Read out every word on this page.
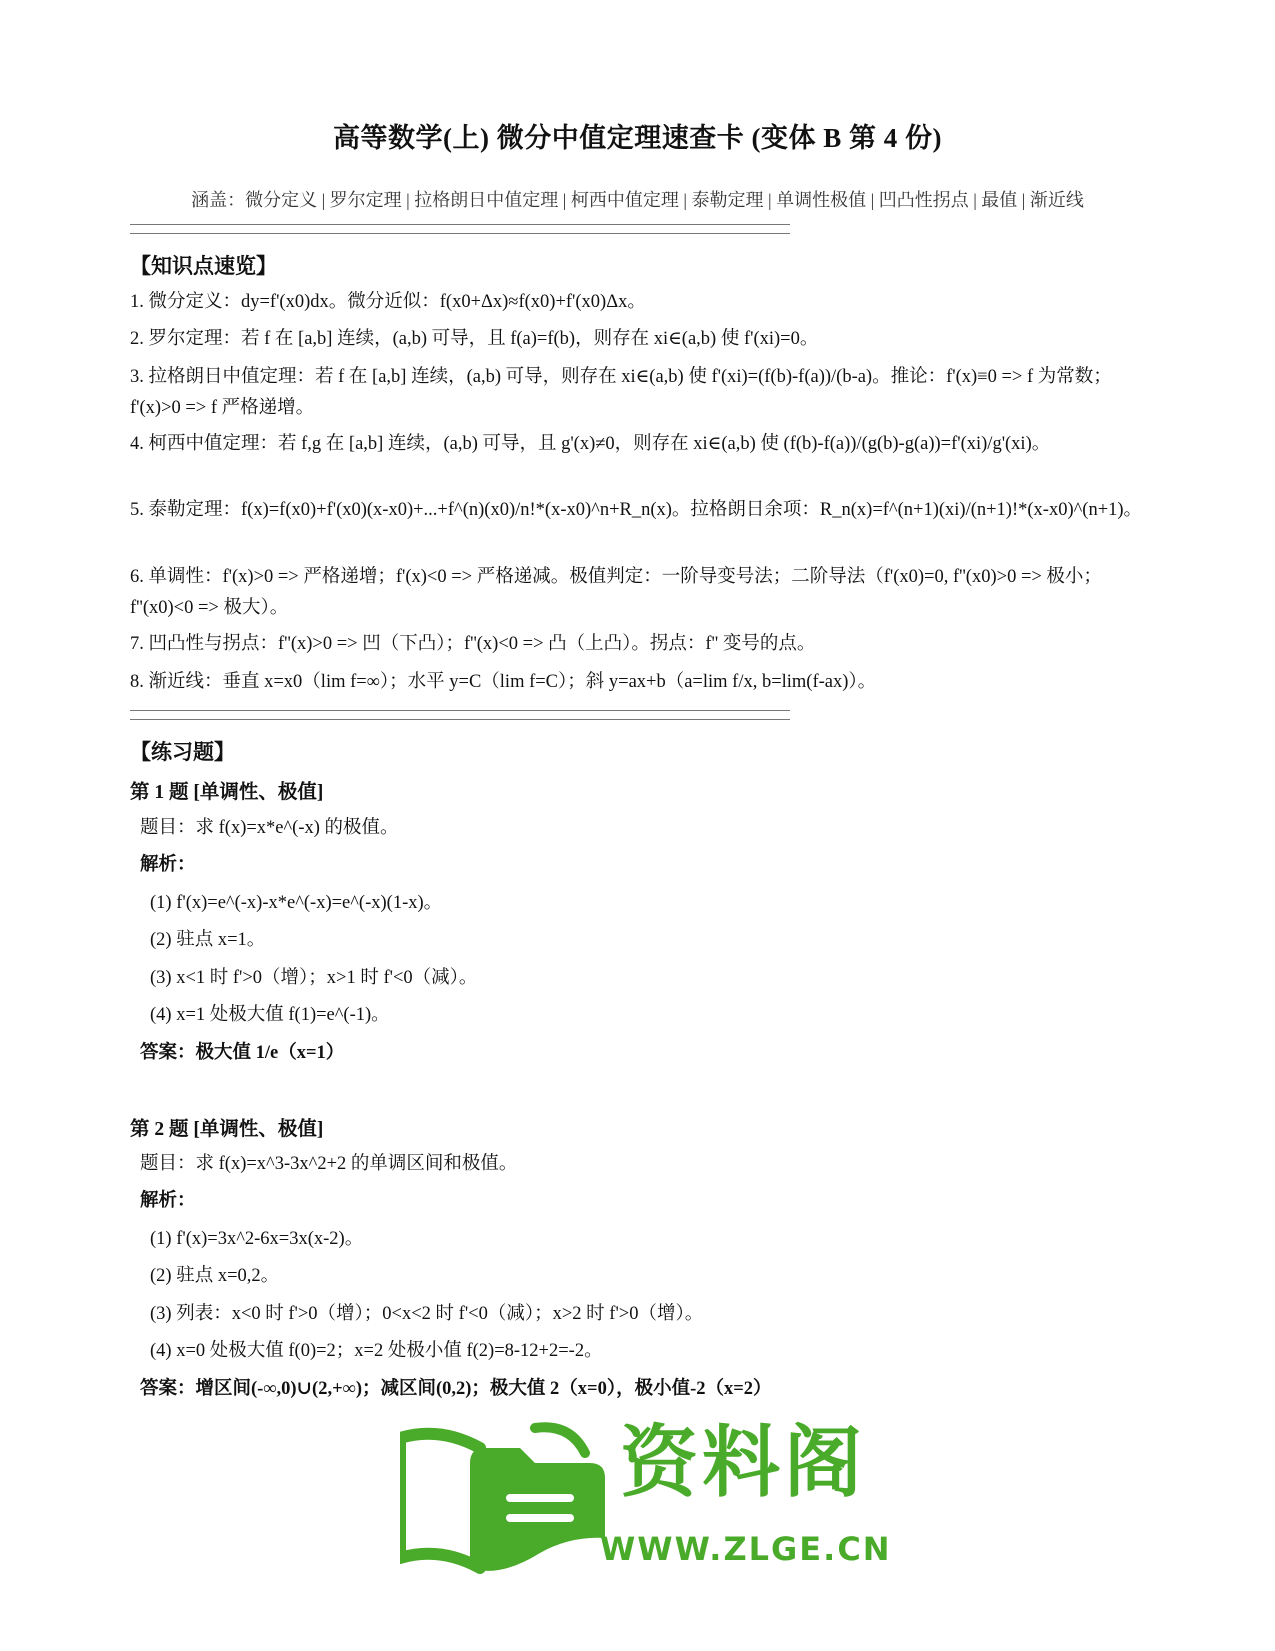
高等数学(上) 微分中值定理速查卡 (变体 B 第 4 份)
涵盖：微分定义 | 罗尔定理 | 拉格朗日中值定理 | 柯西中值定理 | 泰勒定理 | 单调性极值 | 凹凸性拐点 | 最值 | 渐近线
【知识点速览】
1. 微分定义：dy=f'(x0)dx。微分近似：f(x0+Δx)≈f(x0)+f'(x0)Δx。
2. 罗尔定理：若 f 在 [a,b] 连续，(a,b) 可导，且 f(a)=f(b)，则存在 xi∈(a,b) 使 f'(xi)=0。
3. 拉格朗日中值定理：若 f 在 [a,b] 连续，(a,b) 可导，则存在 xi∈(a,b) 使 f'(xi)=(f(b)-f(a))/(b-a)。推论：f'(x)≡0 => f 为常数；f'(x)>0 => f 严格递增。
4. 柯西中值定理：若 f,g 在 [a,b] 连续，(a,b) 可导，且 g'(x)≠0，则存在 xi∈(a,b) 使 (f(b)-f(a))/(g(b)-g(a))=f'(xi)/g'(xi)。
5. 泰勒定理：f(x)=f(x0)+f'(x0)(x-x0)+...+f^(n)(x0)/n!*(x-x0)^n+R_n(x)。拉格朗日余项：R_n(x)=f^(n+1)(xi)/(n+1)!*(x-x0)^(n+1)。
6. 单调性：f'(x)>0 => 严格递增；f'(x)<0 => 严格递减。极值判定：一阶导变号法；二阶导法（f'(x0)=0, f''(x0)>0 => 极小；f''(x0)<0 => 极大）。
7. 凹凸性与拐点：f''(x)>0 => 凹（下凸）；f''(x)<0 => 凸（上凸）。拐点：f'' 变号的点。
8. 渐近线：垂直 x=x0（lim f=∞）；水平 y=C（lim f=C）；斜 y=ax+b（a=lim f/x, b=lim(f-ax)）。
【练习题】
第 1 题 [单调性、极值]
题目：求 f(x)=x*e^(-x) 的极值。
解析：
(1) f'(x)=e^(-x)-x*e^(-x)=e^(-x)(1-x)。
(2) 驻点 x=1。
(3) x<1 时 f'>0（增）；x>1 时 f'<0（减）。
(4) x=1 处极大值 f(1)=e^(-1)。
答案：极大值 1/e（x=1）
第 2 题 [单调性、极值]
题目：求 f(x)=x^3-3x^2+2 的单调区间和极值。
解析：
(1) f'(x)=3x^2-6x=3x(x-2)。
(2) 驻点 x=0,2。
(3) 列表：x<0 时 f'>0（增）；0<x<2 时 f'<0（减）；x>2 时 f'>0（增）。
(4) x=0 处极大值 f(0)=2；x=2 处极小值 f(2)=8-12+2=-2。
答案：增区间(-∞,0)∪(2,+∞)；减区间(0,2)；极大值 2（x=0），极小值-2（x=2）
资料阁
WWW.ZLGE.CN
